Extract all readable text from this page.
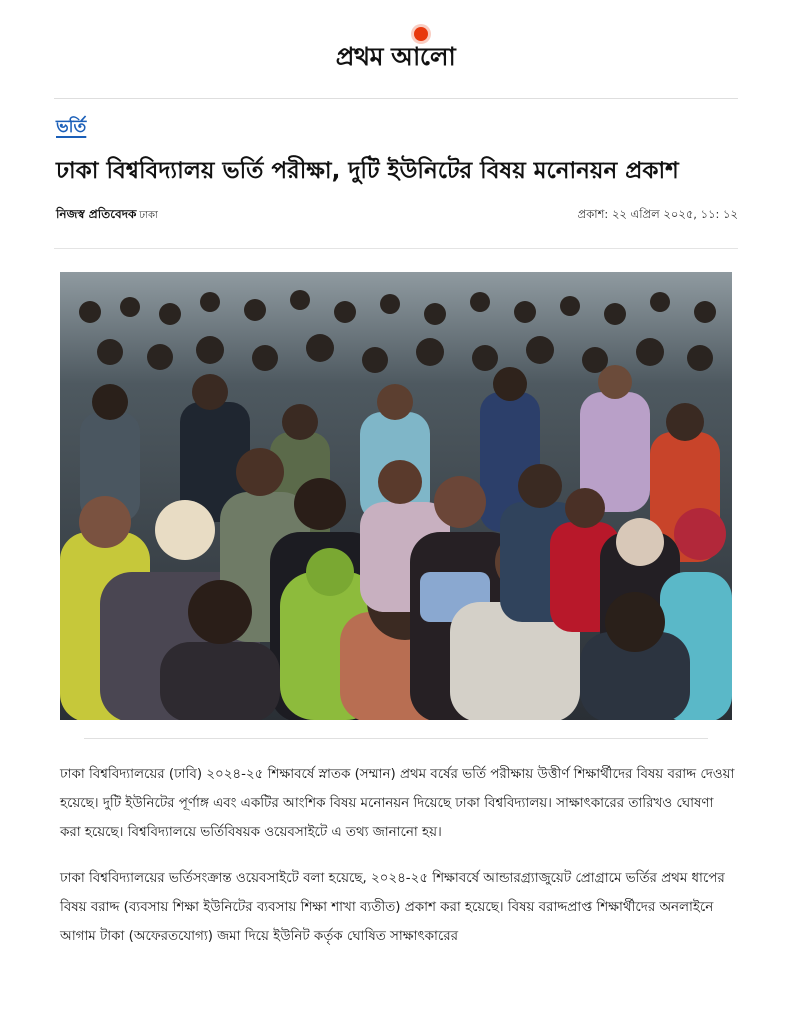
প্রথম আলো
ভর্তি
ঢাকা বিশ্ববিদ্যালয় ভর্তি পরীক্ষা, দুটি ইউনিটের বিষয় মনোনয়ন প্রকাশ
নিজস্ব প্রতিবেদক ঢাকা	প্রকাশ: ২২ এপ্রিল ২০২৫, ১১: ১২

ঢাকা বিশ্ববিদ্যালয়ের (ঢাবি) ২০২৪-২৫ শিক্ষাবর্ষে স্নাতক (সম্মান) প্রথম বর্ষের ভর্তি পরীক্ষায় উত্তীর্ণ শিক্ষার্থীদের বিষয় বরাদ্দ দেওয়া হয়েছে। দুটি ইউনিটের পূর্ণাঙ্গ এবং একটির আংশিক বিষয় মনোনয়ন দিয়েছে ঢাকা বিশ্ববিদ্যালয়। সাক্ষাৎকারের তারিখও ঘোষণা করা হয়েছে। বিশ্ববিদ্যালয়ে ভর্তিবিষয়ক ওয়েবসাইটে এ তথ্য জানানো হয়।

ঢাকা বিশ্ববিদ্যালয়ের ভর্তিসংক্রান্ত ওয়েবসাইটে বলা হয়েছে, ২০২৪-২৫ শিক্ষাবর্ষে আন্ডারগ্র্যাজুয়েট প্রোগ্রামে ভর্তির প্রথম ধাপের বিষয় বরাদ্দ (ব্যবসায় শিক্ষা ইউনিটের ব্যবসায় শিক্ষা শাখা ব্যতীত) প্রকাশ করা হয়েছে। বিষয় বরাদ্দপ্রাপ্ত শিক্ষার্থীদের অনলাইনে আগাম টাকা (অফেরতযোগ্য) জমা দিয়ে ইউনিট কর্তৃক ঘোষিত সাক্ষাৎকারের
